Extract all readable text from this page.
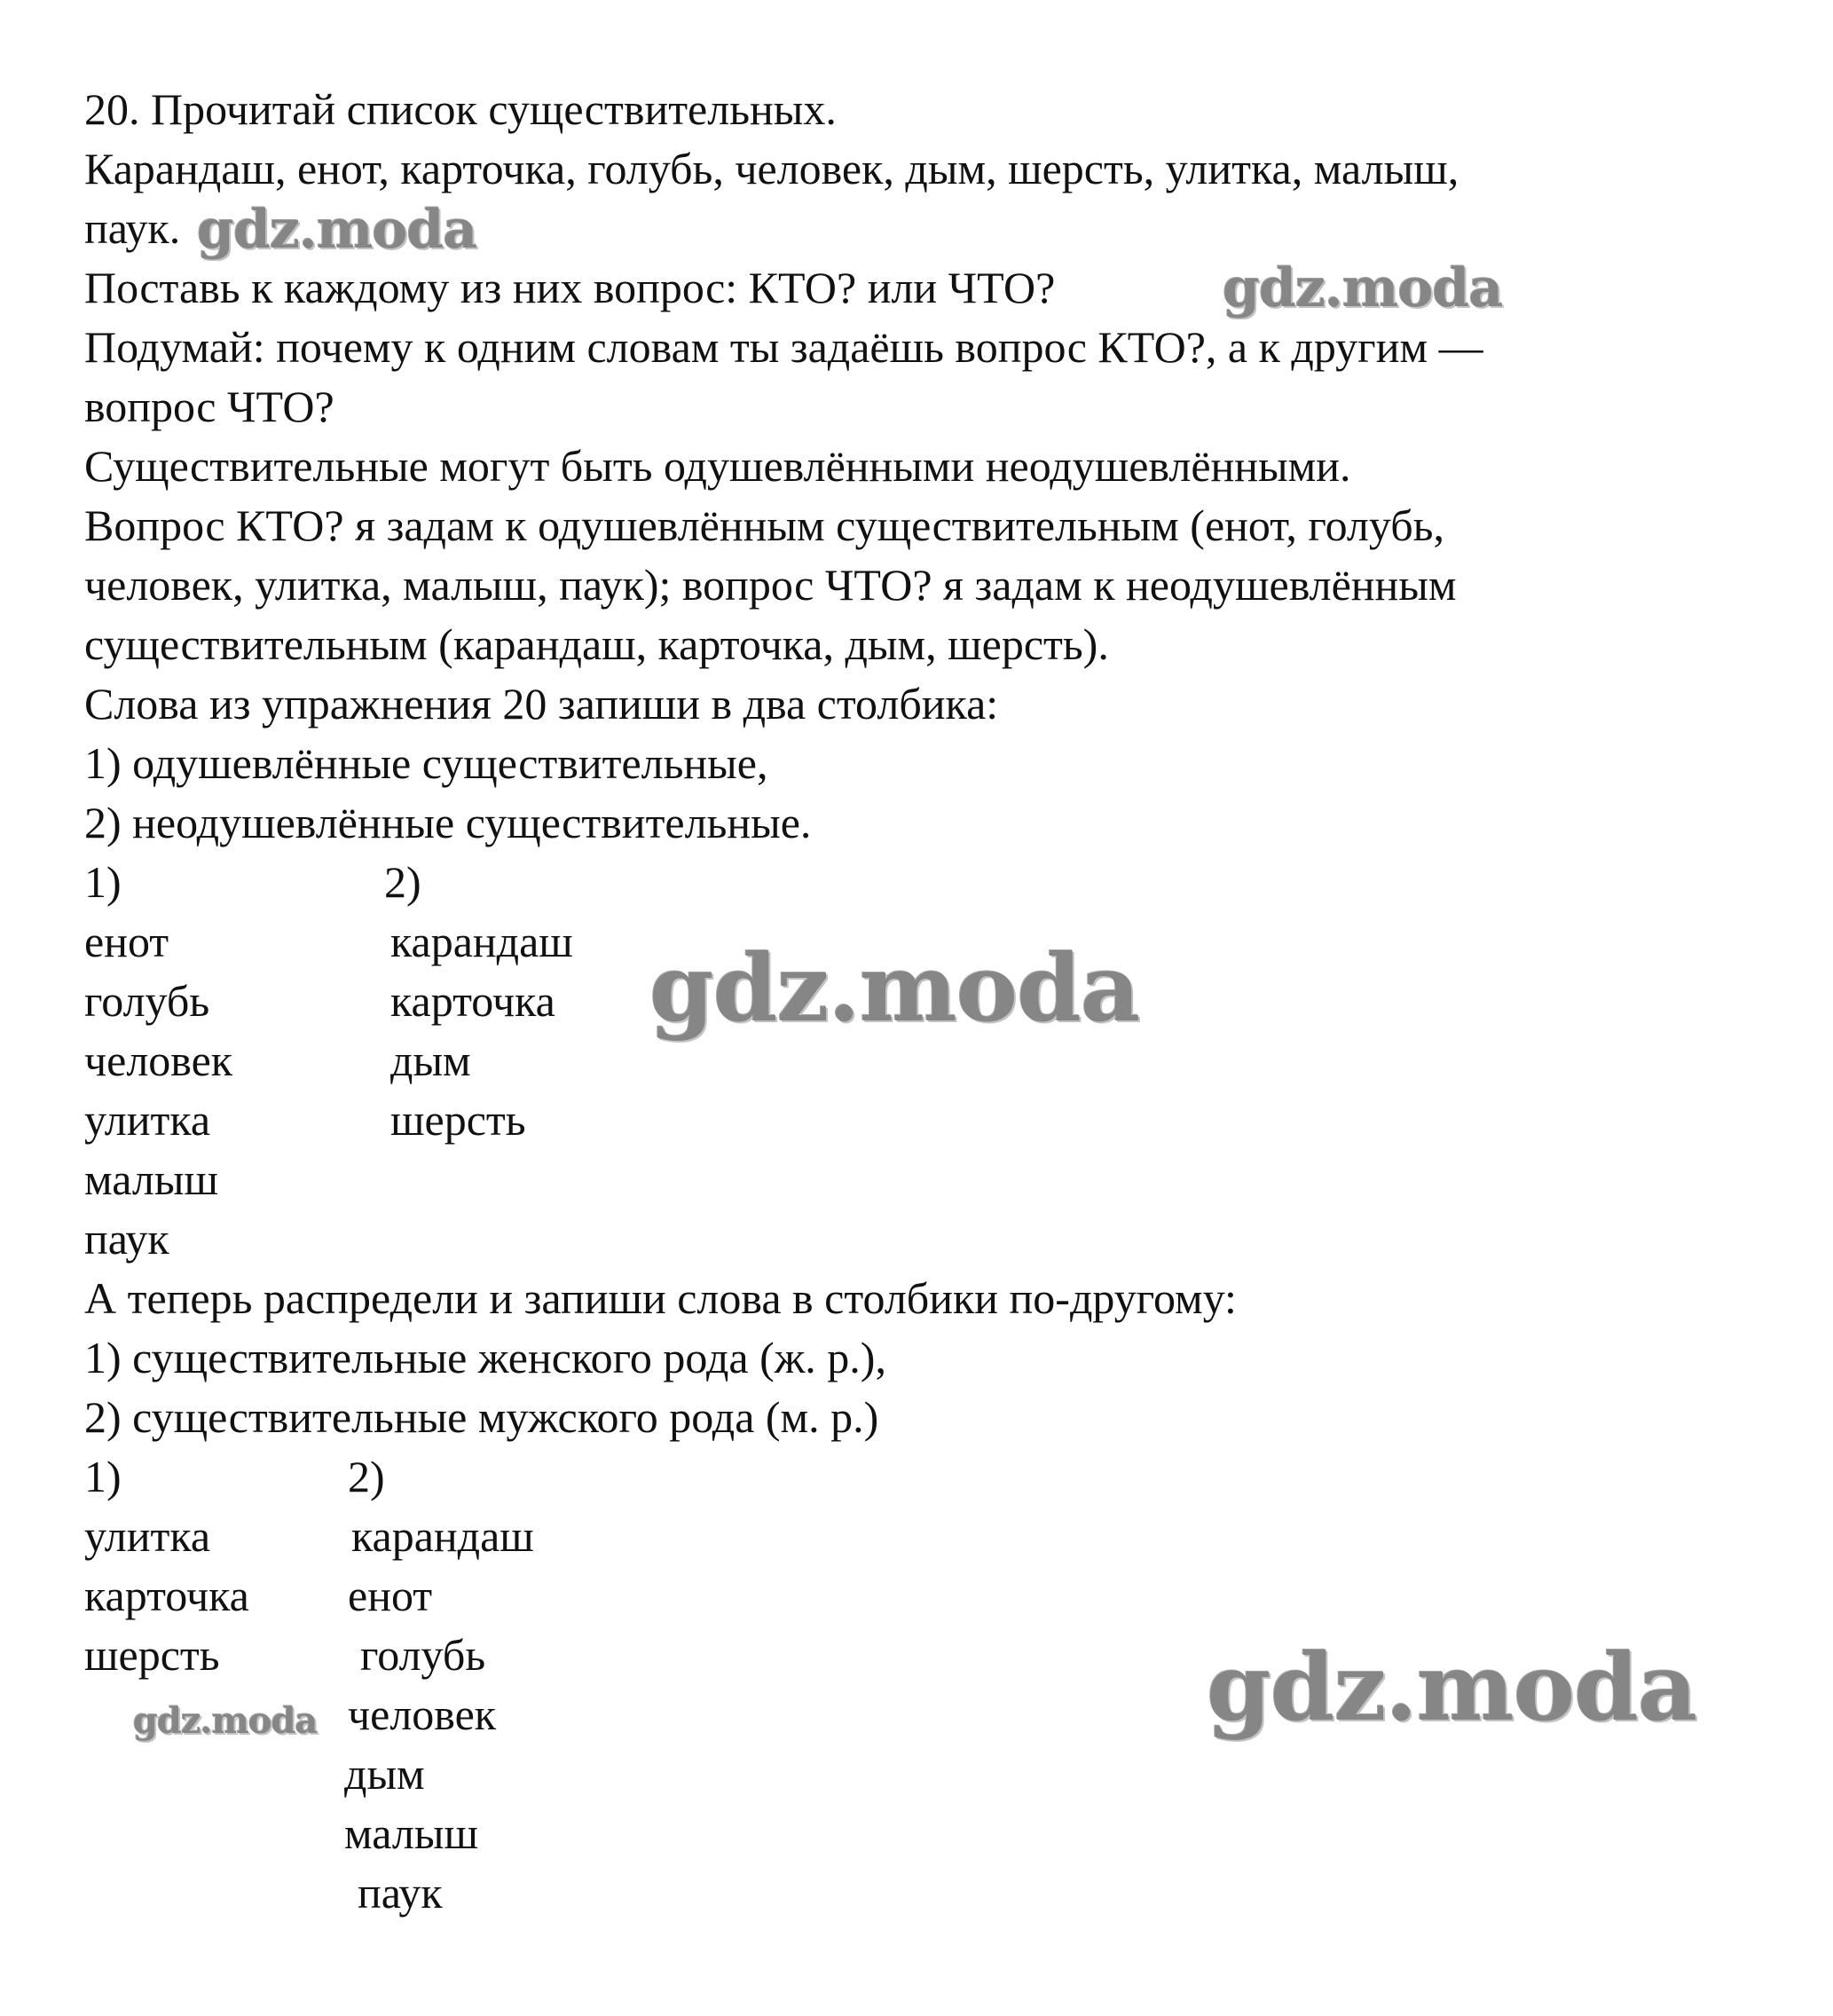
20. Прочитай список существительных.

Карандаш, енот, карточка, голубь, человек, дым, шерсть, улитка, малыш,

паук.

Поставь к каждому из них вопрос: КТО? или ЧТО?

Подумай: почему к одним словам ты задаёшь вопрос КТО?, а к другим —

вопрос ЧТО?

Существительные могут быть одушевлёнными неодушевлёнными.

Вопрос КТО? я задам к одушевлённым существительным (енот, голубь,

человек, улитка, малыш, паук); вопрос ЧТО? я задам к неодушевлённым

существительным (карандаш, карточка, дым, шерсть).

Слова из упражнения 20 запиши в два столбика:

1) одушевлённые существительные,

2) неодушевлённые существительные.

1)	2)

енот

голубь

человек

улитка

малыш

паук

карандаш

карточка

дым

шерсть

А теперь распредели и запиши слова в столбики по-другому:

1) существительные женского рода (ж. р.),

2) существительные мужского рода (м. р.)

1)	2)

улитка

карточка

шерсть

карандаш

енот

голубь

человек

дым

малыш

паук

gdz.moda
gdz.moda
gdz.moda
gdz.moda
gdz.moda
